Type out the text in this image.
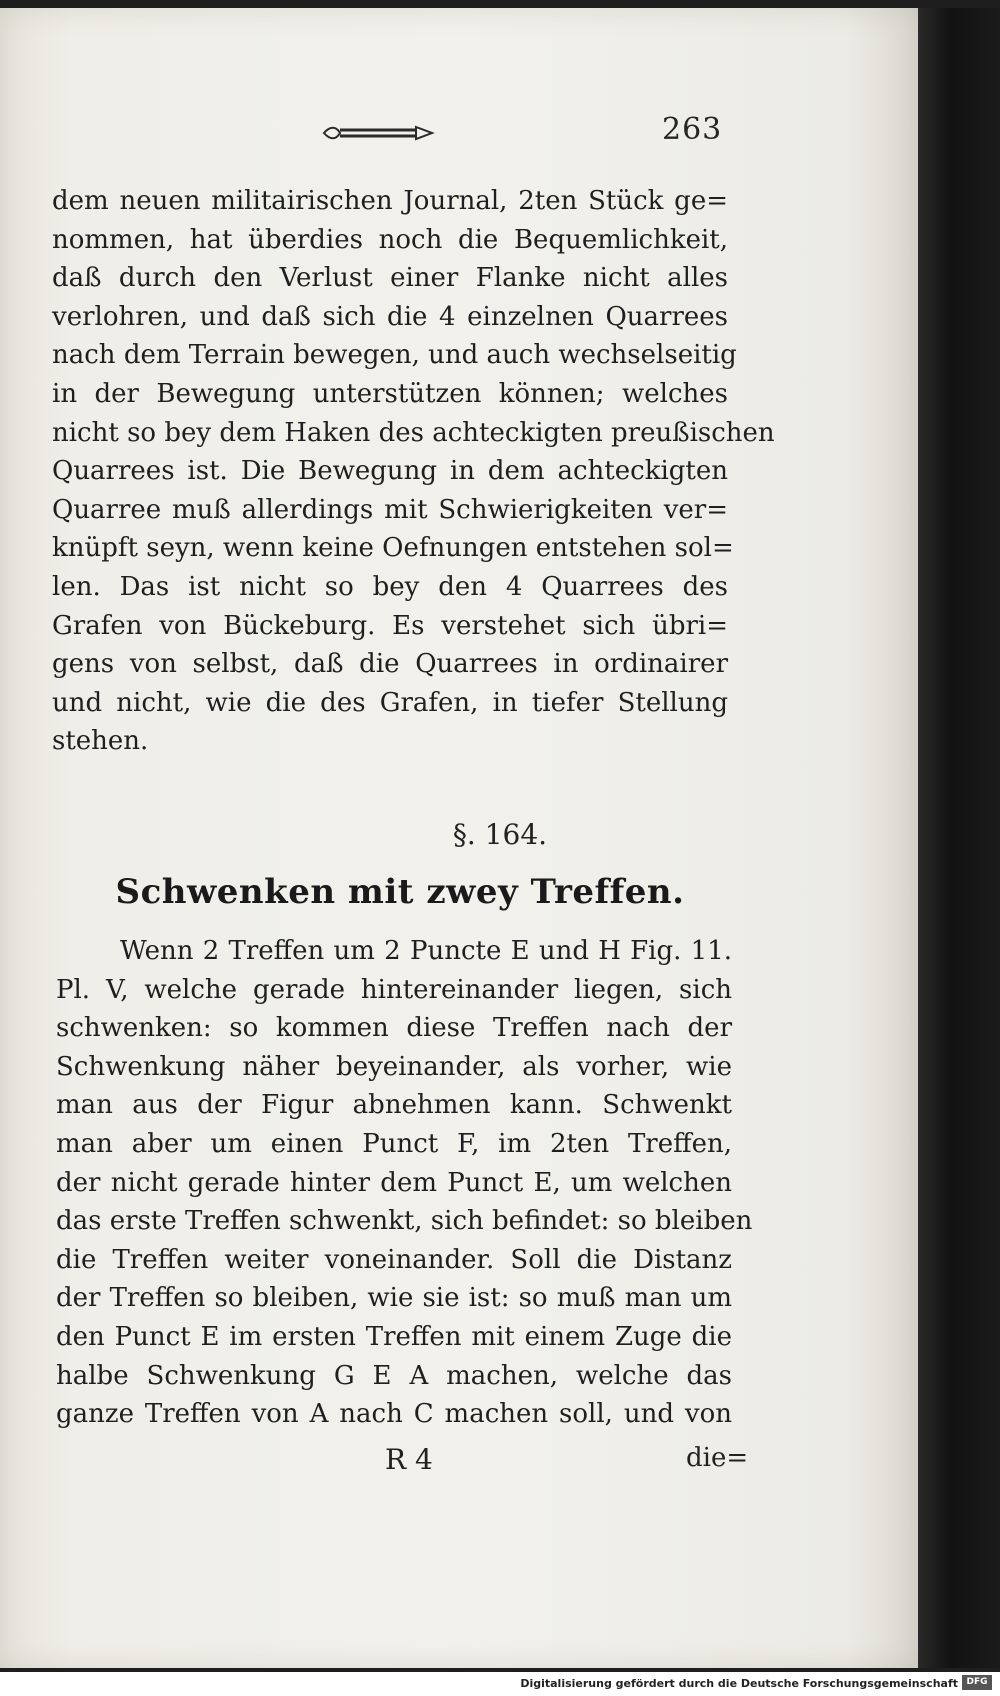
263
dem neuen militairischen Journal, 2ten Stück ge=
nommen, hat überdies noch die Bequemlichkeit,
daß durch den Verlust einer Flanke nicht alles
verlohren, und daß sich die 4 einzelnen Quarrees
nach dem Terrain bewegen, und auch wechselseitig
in der Bewegung unterstützen können; welches
nicht so bey dem Haken des achteckigten preußischen
Quarrees ist. Die Bewegung in dem achteckigten
Quarree muß allerdings mit Schwierigkeiten ver=
knüpft seyn, wenn keine Oefnungen entstehen sol=
len. Das ist nicht so bey den 4 Quarrees des
Grafen von Bückeburg. Es verstehet sich übri=
gens von selbst, daß die Quarrees in ordinairer
und nicht, wie die des Grafen, in tiefer Stellung
stehen.
§. 164.
Schwenken mit zwey Treffen.
Wenn 2 Treffen um 2 Puncte E und H Fig. 11.
Pl. V, welche gerade hintereinander liegen, sich
schwenken: so kommen diese Treffen nach der
Schwenkung näher beyeinander, als vorher, wie
man aus der Figur abnehmen kann. Schwenkt
man aber um einen Punct F, im 2ten Treffen,
der nicht gerade hinter dem Punct E, um welchen
das erste Treffen schwenkt, sich befindet: so bleiben
die Treffen weiter voneinander. Soll die Distanz
der Treffen so bleiben, wie sie ist: so muß man um
den Punct E im ersten Treffen mit einem Zuge die
halbe Schwenkung G E A machen, welche das
ganze Treffen von A nach C machen soll, und von
R 4	die=
Digitalisierung gefördert durch die Deutsche Forschungsgemeinschaft DFG
